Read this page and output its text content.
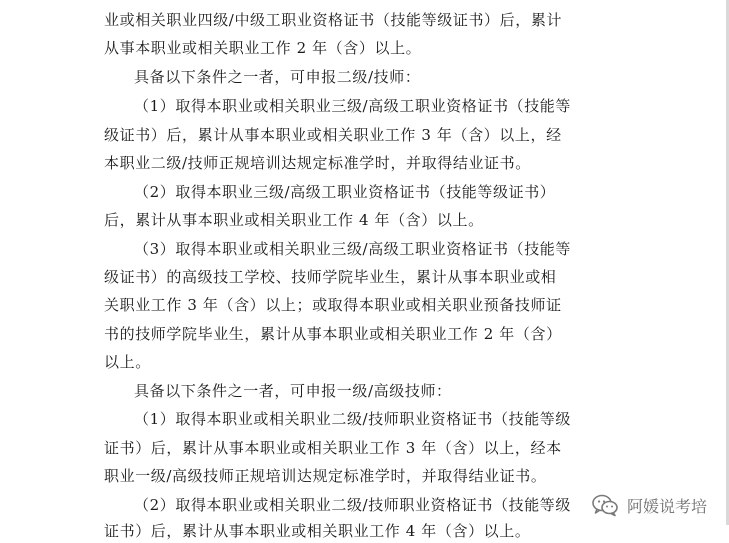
业或相关职业四级/中级工职业资格证书（技能等级证书）后，累计
从事本职业或相关职业工作 2 年（含）以上。
具备以下条件之一者，可申报二级/技师：
（1）取得本职业或相关职业三级/高级工职业资格证书（技能等
级证书）后，累计从事本职业或相关职业工作 3 年（含）以上，经
本职业二级/技师正规培训达规定标准学时，并取得结业证书。
（2）取得本职业三级/高级工职业资格证书（技能等级证书）
后，累计从事本职业或相关职业工作 4 年（含）以上。
（3）取得本职业或相关职业三级/高级工职业资格证书（技能等
级证书）的高级技工学校、技师学院毕业生，累计从事本职业或相
关职业工作 3 年（含）以上；或取得本职业或相关职业预备技师证
书的技师学院毕业生，累计从事本职业或相关职业工作 2 年（含）
以上。
具备以下条件之一者，可申报一级/高级技师：
（1）取得本职业或相关职业二级/技师职业资格证书（技能等级
证书）后，累计从事本职业或相关职业工作 3 年（含）以上，经本
职业一级/高级技师正规培训达规定标准学时，并取得结业证书。
（2）取得本职业或相关职业二级/技师职业资格证书（技能等级
证书）后，累计从事本职业或相关职业工作 4 年（含）以上。
阿媛说考培
